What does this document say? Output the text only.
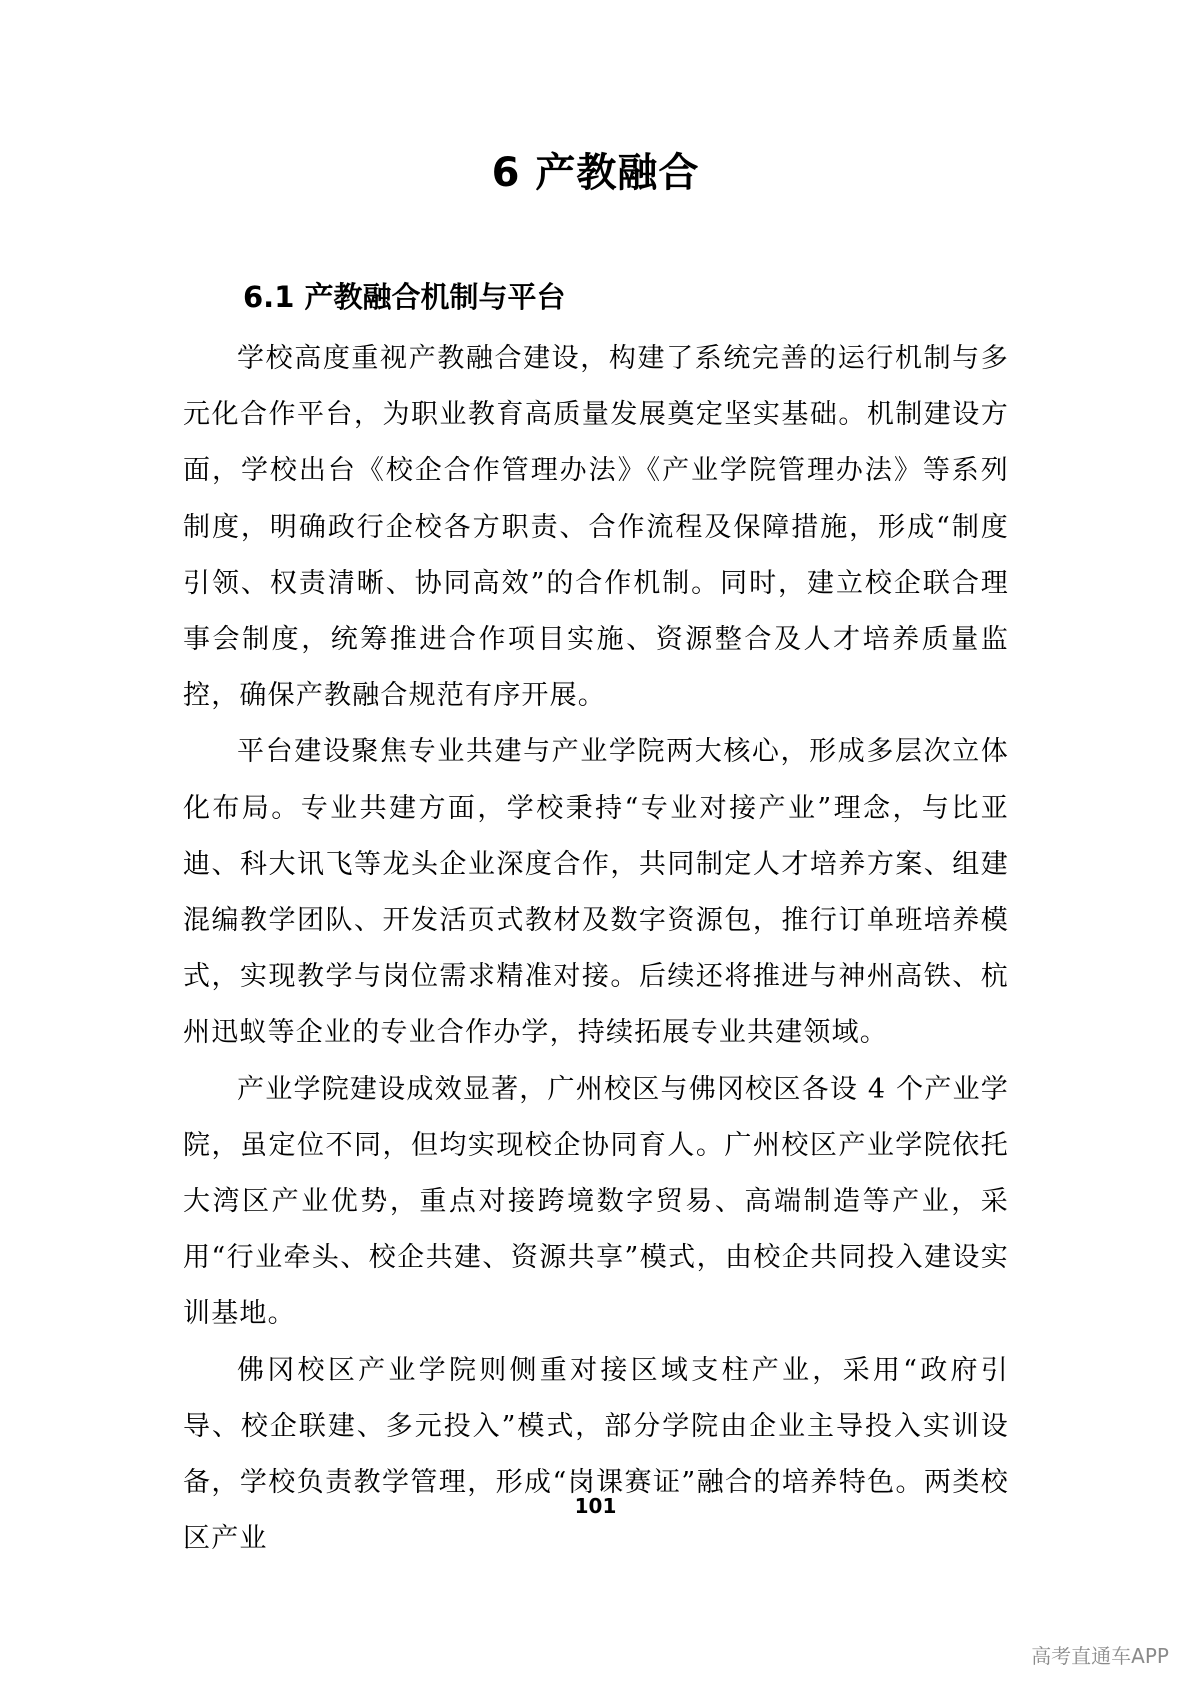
6 产教融合
6.1 产教融合机制与平台

学校高度重视产教融合建设，构建了系统完善的运行机制与多元化合作平台，为职业教育高质量发展奠定坚实基础。机制建设方面，学校出台《校企合作管理办法》《产业学院管理办法》等系列制度，明确政行企校各方职责、合作流程及保障措施，形成“制度引领、权责清晰、协同高效”的合作机制。同时，建立校企联合理事会制度，统筹推进合作项目实施、资源整合及人才培养质量监控，确保产教融合规范有序开展。

平台建设聚焦专业共建与产业学院两大核心，形成多层次立体化布局。专业共建方面，学校秉持“专业对接产业”理念，与比亚迪、科大讯飞等龙头企业深度合作，共同制定人才培养方案、组建混编教学团队、开发活页式教材及数字资源包，推行订单班培养模式，实现教学与岗位需求精准对接。后续还将推进与神州高铁、杭州迅蚁等企业的专业合作办学，持续拓展专业共建领域。

产业学院建设成效显著，广州校区与佛冈校区各设 4 个产业学院，虽定位不同，但均实现校企协同育人。广州校区产业学院依托大湾区产业优势，重点对接跨境数字贸易、高端制造等产业，采用“行业牵头、校企共建、资源共享”模式，由校企共同投入建设实训基地。

佛冈校区产业学院则侧重对接区域支柱产业，采用“政府引导、校企联建、多元投入”模式，部分学院由企业主导投入实训设备，学校负责教学管理，形成“岗课赛证”融合的培养特色。两类校区产业

101
高考直通车APP
